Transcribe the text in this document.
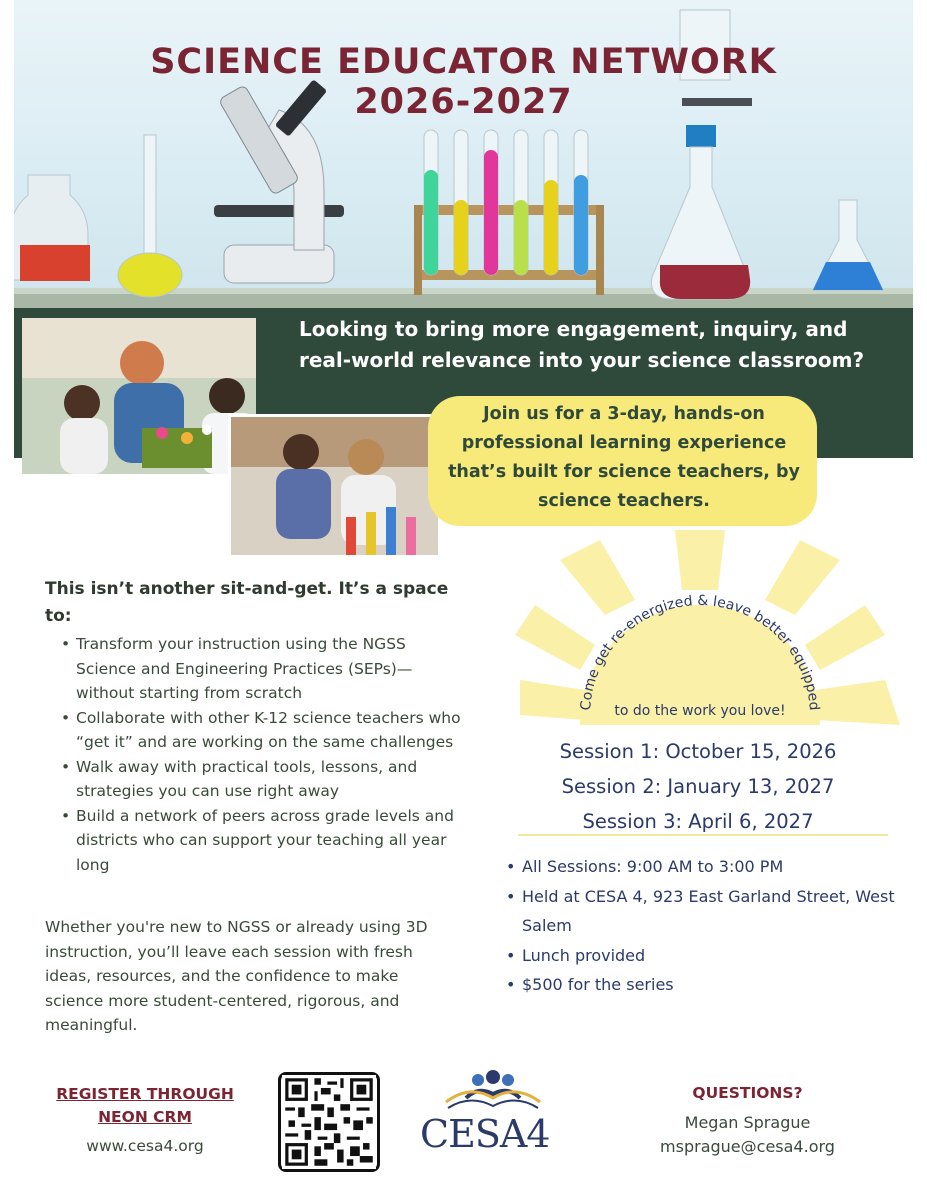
SCIENCE EDUCATOR NETWORK
2026-2027
Looking to bring more engagement, inquiry, and real-world relevance into your science classroom?
Join us for a 3-day, hands-on professional learning experience that’s built for science teachers, by science teachers.
This isn’t another sit-and-get. It’s a space to:
• Transform your instruction using the NGSS Science and Engineering Practices (SEPs)—without starting from scratch
• Collaborate with other K-12 science teachers who “get it” and are working on the same challenges
• Walk away with practical tools, lessons, and strategies you can use right away
• Build a network of peers across grade levels and districts who can support your teaching all year long
Whether you're new to NGSS or already using 3D instruction, you’ll leave each session with fresh ideas, resources, and the confidence to make science more student-centered, rigorous, and meaningful.
Come get re-energized & leave better equipped
to do the work you love!
Session 1: October 15, 2026
Session 2: January 13, 2027
Session 3: April 6, 2027
• All Sessions: 9:00 AM to 3:00 PM
• Held at CESA 4, 923 East Garland Street, West Salem
• Lunch provided
• $500 for the series
REGISTER THROUGH
NEON CRM
www.cesa4.org	CESA4
QUESTIONS?
Megan Sprague
msprague@cesa4.org
